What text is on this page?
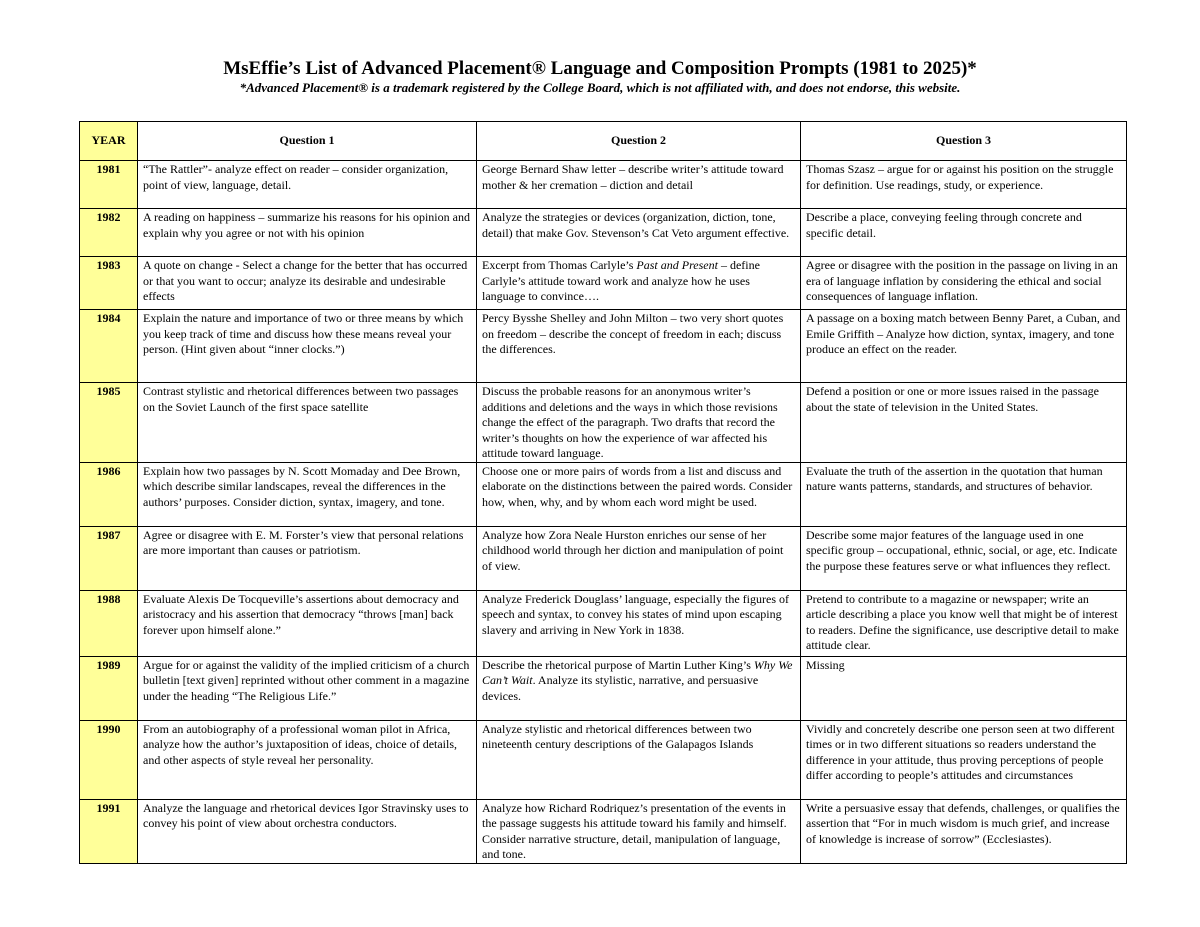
MsEffie’s List of Advanced Placement® Language and Composition Prompts (1981 to 2025)*
*Advanced Placement® is a trademark registered by the College Board, which is not affiliated with, and does not endorse, this website.
YEAR	Question 1	Question 2	Question 3
1981	“The Rattler”- analyze effect on reader – consider organization, point of view, language, detail.	George Bernard Shaw letter – describe writer’s attitude toward mother & her cremation – diction and detail	Thomas Szasz – argue for or against his position on the struggle for definition. Use readings, study, or experience.
1982	A reading on happiness – summarize his reasons for his opinion and explain why you agree or not with his opinion	Analyze the strategies or devices (organization, diction, tone, detail) that make Gov. Stevenson’s Cat Veto argument effective.	Describe a place, conveying feeling through concrete and specific detail.
1983	A quote on change - Select a change for the better that has occurred or that you want to occur; analyze its desirable and undesirable effects	Excerpt from Thomas Carlyle’s Past and Present – define Carlyle’s attitude toward work and analyze how he uses language to convince….	Agree or disagree with the position in the passage on living in an era of language inflation by considering the ethical and social consequences of language inflation.
1984	Explain the nature and importance of two or three means by which you keep track of time and discuss how these means reveal your person. (Hint given about “inner clocks.”)	Percy Bysshe Shelley and John Milton – two very short quotes on freedom – describe the concept of freedom in each; discuss the differences.	A passage on a boxing match between Benny Paret, a Cuban, and Emile Griffith – Analyze how diction, syntax, imagery, and tone produce an effect on the reader.
1985	Contrast stylistic and rhetorical differences between two passages on the Soviet Launch of the first space satellite	Discuss the probable reasons for an anonymous writer’s additions and deletions and the ways in which those revisions change the effect of the paragraph. Two drafts that record the writer’s thoughts on how the experience of war affected his attitude toward language.	Defend a position or one or more issues raised in the passage about the state of television in the United States.
1986	Explain how two passages by N. Scott Momaday and Dee Brown, which describe similar landscapes, reveal the differences in the authors’ purposes. Consider diction, syntax, imagery, and tone.	Choose one or more pairs of words from a list and discuss and elaborate on the distinctions between the paired words. Consider how, when, why, and by whom each word might be used.	Evaluate the truth of the assertion in the quotation that human nature wants patterns, standards, and structures of behavior.
1987	Agree or disagree with E. M. Forster’s view that personal relations are more important than causes or patriotism.	Analyze how Zora Neale Hurston enriches our sense of her childhood world through her diction and manipulation of point of view.	Describe some major features of the language used in one specific group – occupational, ethnic, social, or age, etc. Indicate the purpose these features serve or what influences they reflect.
1988	Evaluate Alexis De Tocqueville’s assertions about democracy and aristocracy and his assertion that democracy “throws [man] back forever upon himself alone.”	Analyze Frederick Douglass’ language, especially the figures of speech and syntax, to convey his states of mind upon escaping slavery and arriving in New York in 1838.	Pretend to contribute to a magazine or newspaper; write an article describing a place you know well that might be of interest to readers. Define the significance, use descriptive detail to make attitude clear.
1989	Argue for or against the validity of the implied criticism of a church bulletin [text given] reprinted without other comment in a magazine under the heading “The Religious Life.”	Describe the rhetorical purpose of Martin Luther King’s Why We Can’t Wait. Analyze its stylistic, narrative, and persuasive devices.	Missing
1990	From an autobiography of a professional woman pilot in Africa, analyze how the author’s juxtaposition of ideas, choice of details, and other aspects of style reveal her personality.	Analyze stylistic and rhetorical differences between two nineteenth century descriptions of the Galapagos Islands	Vividly and concretely describe one person seen at two different times or in two different situations so readers understand the difference in your attitude, thus proving perceptions of people differ according to people’s attitudes and circumstances
1991	Analyze the language and rhetorical devices Igor Stravinsky uses to convey his point of view about orchestra conductors.	Analyze how Richard Rodriquez’s presentation of the events in the passage suggests his attitude toward his family and himself. Consider narrative structure, detail, manipulation of language, and tone.	Write a persuasive essay that defends, challenges, or qualifies the assertion that “For in much wisdom is much grief, and increase of knowledge is increase of sorrow” (Ecclesiastes).
